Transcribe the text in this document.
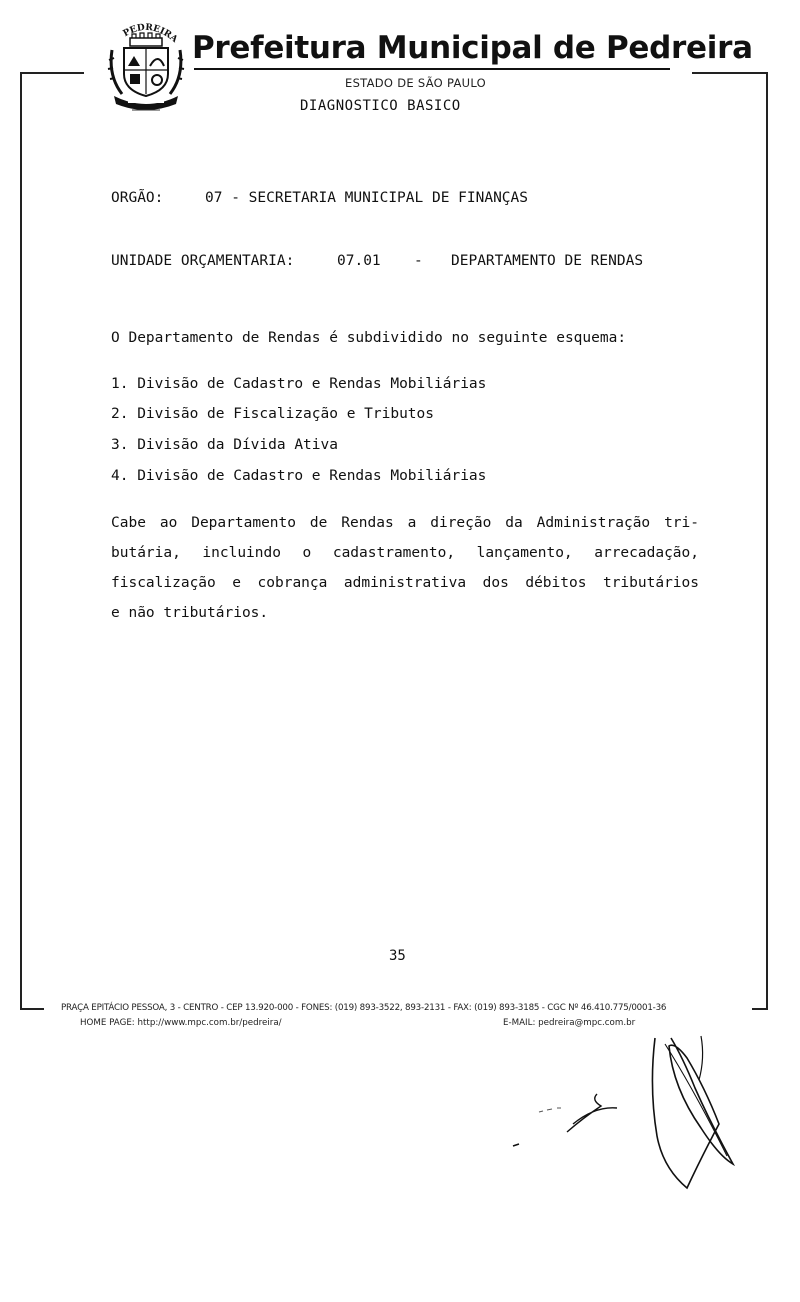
PEDREIRA Prefeitura Municipal de Pedreira
ESTADO DE SÃO PAULO
DIAGNOSTICO BASICO
ORGÃO:	07 - SECRETARIA MUNICIPAL DE FINANÇAS
UNIDADE ORÇAMENTARIA:	07.01 - DEPARTAMENTO DE RENDAS
O Departamento de Rendas é subdividido no seguinte esquema:
1. Divisão de Cadastro e Rendas Mobiliárias
2. Divisão de Fiscalização e Tributos
3. Divisão da Dívida Ativa
4. Divisão de Cadastro e Rendas Mobiliárias
Cabe ao Departamento de Rendas a direção da Administração tri-
butária, incluindo o cadastramento, lançamento, arrecadação,
fiscalização e cobrança administrativa dos débitos tributários
e não tributários.
35
PRAÇA EPITÁCIO PESSOA, 3 - CENTRO - CEP 13.920-000 - FONES: (019) 893-3522, 893-2131 - FAX: (019) 893-3185 - CGC Nº 46.410.775/0001-36
HOME PAGE: http://www.mpc.com.br/pedreira/	E-MAIL: pedreira@mpc.com.br
